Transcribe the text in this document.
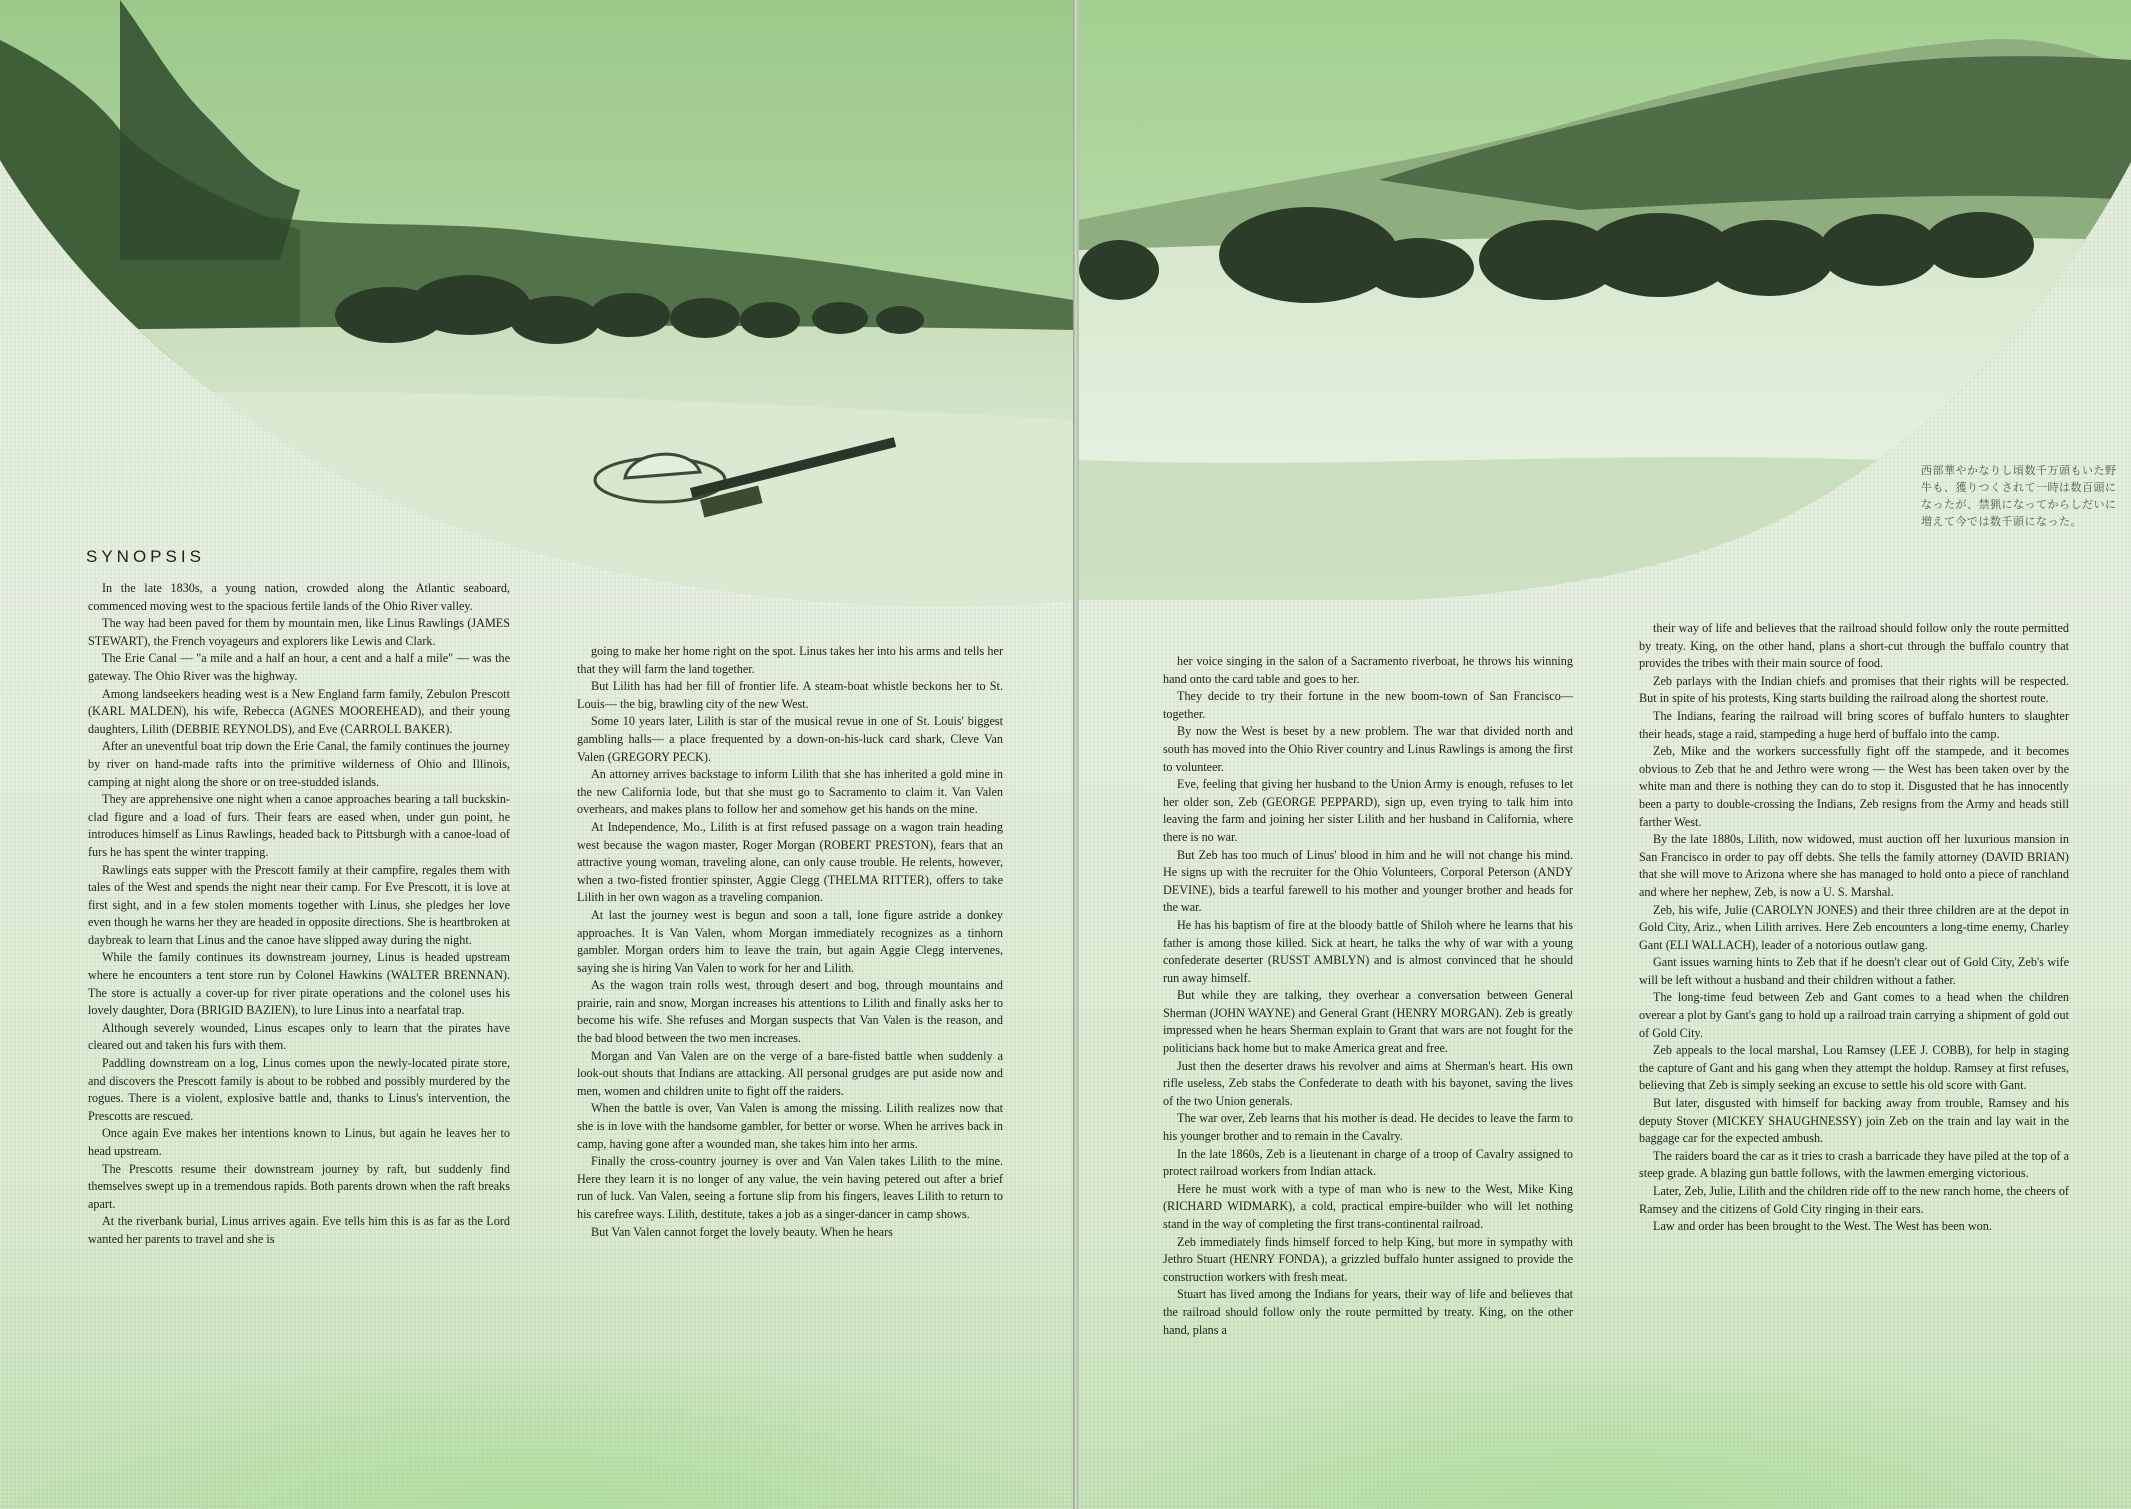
SYNOPSIS

In the late 1830s, a young nation, crowded along the Atlantic seaboard, commenced moving west to the spacious fertile lands of the Ohio River valley.

The way had been paved for them by mountain men, like Linus Rawlings (JAMES STEWART), the French voyageurs and explorers like Lewis and Clark.

The Erie Canal — "a mile and a half an hour, a cent and a half a mile" — was the gateway. The Ohio River was the highway.

Among landseekers heading west is a New England farm family, Zebulon Prescott (KARL MALDEN), his wife, Rebecca (AGNES MOOREHEAD), and their young daughters, Lilith (DEBBIE REYNOLDS), and Eve (CARROLL BAKER).

After an uneventful boat trip down the Erie Canal, the family continues the journey by river on hand-made rafts into the primitive wilderness of Ohio and Illinois, camping at night along the shore or on tree-studded islands.

They are apprehensive one night when a canoe approaches bearing a tall buckskin-clad figure and a load of furs. Their fears are eased when, under gun point, he introduces himself as Linus Rawlings, headed back to Pittsburgh with a canoe-load of furs he has spent the winter trapping.

Rawlings eats supper with the Prescott family at their campfire, regales them with tales of the West and spends the night near their camp. For Eve Prescott, it is love at first sight, and in a few stolen moments together with Linus, she pledges her love even though he warns her they are headed in opposite directions. She is heartbroken at daybreak to learn that Linus and the canoe have slipped away during the night.

While the family continues its downstream journey, Linus is headed upstream where he encounters a tent store run by Colonel Hawkins (WALTER BRENNAN). The store is actually a cover-up for river pirate operations and the colonel uses his lovely daughter, Dora (BRIGID BAZIEN), to lure Linus into a nearfatal trap.

Although severely wounded, Linus escapes only to learn that the pirates have cleared out and taken his furs with them.

Paddling downstream on a log, Linus comes upon the newly-located pirate store, and discovers the Prescott family is about to be robbed and possibly murdered by the rogues. There is a violent, explosive battle and, thanks to Linus's intervention, the Prescotts are rescued.

Once again Eve makes her intentions known to Linus, but again he leaves her to head upstream.

The Prescotts resume their downstream journey by raft, but suddenly find themselves swept up in a tremendous rapids. Both parents drown when the raft breaks apart.

At the riverbank burial, Linus arrives again. Eve tells him this is as far as the Lord wanted her parents to travel and she is

going to make her home right on the spot. Linus takes her into his arms and tells her that they will farm the land together.

But Lilith has had her fill of frontier life. A steam-boat whistle beckons her to St. Louis— the big, brawling city of the new West.

Some 10 years later, Lilith is star of the musical revue in one of St. Louis' biggest gambling halls— a place frequented by a down-on-his-luck card shark, Cleve Van Valen (GREGORY PECK).

An attorney arrives backstage to inform Lilith that she has inherited a gold mine in the new California lode, but that she must go to Sacramento to claim it. Van Valen overhears, and makes plans to follow her and somehow get his hands on the mine.

At Independence, Mo., Lilith is at first refused passage on a wagon train heading west because the wagon master, Roger Morgan (ROBERT PRESTON), fears that an attractive young woman, traveling alone, can only cause trouble. He relents, however, when a two-fisted frontier spinster, Aggie Clegg (THELMA RITTER), offers to take Lilith in her own wagon as a traveling companion.

At last the journey west is begun and soon a tall, lone figure astride a donkey approaches. It is Van Valen, whom Morgan immediately recognizes as a tinhorn gambler. Morgan orders him to leave the train, but again Aggie Clegg intervenes, saying she is hiring Van Valen to work for her and Lilith.

As the wagon train rolls west, through desert and bog, through mountains and prairie, rain and snow, Morgan increases his attentions to Lilith and finally asks her to become his wife. She refuses and Morgan suspects that Van Valen is the reason, and the bad blood between the two men increases.

Morgan and Van Valen are on the verge of a bare-fisted battle when suddenly a look-out shouts that Indians are attacking. All personal grudges are put aside now and men, women and children unite to fight off the raiders.

When the battle is over, Van Valen is among the missing. Lilith realizes now that she is in love with the handsome gambler, for better or worse. When he arrives back in camp, having gone after a wounded man, she takes him into her arms.

Finally the cross-country journey is over and Van Valen takes Lilith to the mine. Here they learn it is no longer of any value, the vein having petered out after a brief run of luck. Van Valen, seeing a fortune slip from his fingers, leaves Lilith to return to his carefree ways. Lilith, destitute, takes a job as a singer-dancer in camp shows.

But Van Valen cannot forget the lovely beauty. When he hears

西部華やかなりし頃数千万頭もいた野牛も、獲りつくされて一時は数百頭になったが、禁猟になってからしだいに増えて今では数千頭になった。

her voice singing in the salon of a Sacramento riverboat, he throws his winning hand onto the card table and goes to her.

They decide to try their fortune in the new boom-town of San Francisco—together.

By now the West is beset by a new problem. The war that divided north and south has moved into the Ohio River country and Linus Rawlings is among the first to volunteer.

Eve, feeling that giving her husband to the Union Army is enough, refuses to let her older son, Zeb (GEORGE PEPPARD), sign up, even trying to talk him into leaving the farm and joining her sister Lilith and her husband in California, where there is no war.

But Zeb has too much of Linus' blood in him and he will not change his mind. He signs up with the recruiter for the Ohio Volunteers, Corporal Peterson (ANDY DEVINE), bids a tearful farewell to his mother and younger brother and heads for the war.

He has his baptism of fire at the bloody battle of Shiloh where he learns that his father is among those killed. Sick at heart, he talks the why of war with a young confederate deserter (RUSST AMBLYN) and is almost convinced that he should run away himself.

But while they are talking, they overhear a conversation between General Sherman (JOHN WAYNE) and General Grant (HENRY MORGAN). Zeb is greatly impressed when he hears Sherman explain to Grant that wars are not fought for the politicians back home but to make America great and free.

Just then the deserter draws his revolver and aims at Sherman's heart. His own rifle useless, Zeb stabs the Confederate to death with his bayonet, saving the lives of the two Union generals.

The war over, Zeb learns that his mother is dead. He decides to leave the farm to his younger brother and to remain in the Cavalry.

In the late 1860s, Zeb is a lieutenant in charge of a troop of Cavalry assigned to protect railroad workers from Indian attack.

Here he must work with a type of man who is new to the West, Mike King (RICHARD WIDMARK), a cold, practical empire-builder who will let nothing stand in the way of completing the first trans-continental railroad.

Zeb immediately finds himself forced to help King, but more in sympathy with Jethro Stuart (HENRY FONDA), a grizzled buffalo hunter assigned to provide the construction workers with fresh meat.

Stuart has lived among the Indians for years, their way of life and believes that the railroad should follow only the route permitted by treaty. King, on the other hand, plans a

their way of life and believes that the railroad should follow only the route permitted by treaty. King, on the other hand, plans a short-cut through the buffalo country that provides the tribes with their main source of food.

Zeb parlays with the Indian chiefs and promises that their rights will be respected. But in spite of his protests, King starts building the railroad along the shortest route.

The Indians, fearing the railroad will bring scores of buffalo hunters to slaughter their heads, stage a raid, stampeding a huge herd of buffalo into the camp.

Zeb, Mike and the workers successfully fight off the stampede, and it becomes obvious to Zeb that he and Jethro were wrong — the West has been taken over by the white man and there is nothing they can do to stop it. Disgusted that he has innocently been a party to double-crossing the Indians, Zeb resigns from the Army and heads still farther West.

By the late 1880s, Lilith, now widowed, must auction off her luxurious mansion in San Francisco in order to pay off debts. She tells the family attorney (DAVID BRIAN) that she will move to Arizona where she has managed to hold onto a piece of ranchland and where her nephew, Zeb, is now a U. S. Marshal.

Zeb, his wife, Julie (CAROLYN JONES) and their three children are at the depot in Gold City, Ariz., when Lilith arrives. Here Zeb encounters a long-time enemy, Charley Gant (ELI WALLACH), leader of a notorious outlaw gang.

Gant issues warning hints to Zeb that if he doesn't clear out of Gold City, Zeb's wife will be left without a husband and their children without a father.

The long-time feud between Zeb and Gant comes to a head when the children overear a plot by Gant's gang to hold up a railroad train carrying a shipment of gold out of Gold City.

Zeb appeals to the local marshal, Lou Ramsey (LEE J. COBB), for help in staging the capture of Gant and his gang when they attempt the holdup. Ramsey at first refuses, believing that Zeb is simply seeking an excuse to settle his old score with Gant.

But later, disgusted with himself for backing away from trouble, Ramsey and his deputy Stover (MICKEY SHAUGHNESSY) join Zeb on the train and lay wait in the baggage car for the expected ambush.

The raiders board the car as it tries to crash a barricade they have piled at the top of a steep grade. A blazing gun battle follows, with the lawmen emerging victorious.

Later, Zeb, Julie, Lilith and the children ride off to the new ranch home, the cheers of Ramsey and the citizens of Gold City ringing in their ears.

Law and order has been brought to the West. The West has been won.
